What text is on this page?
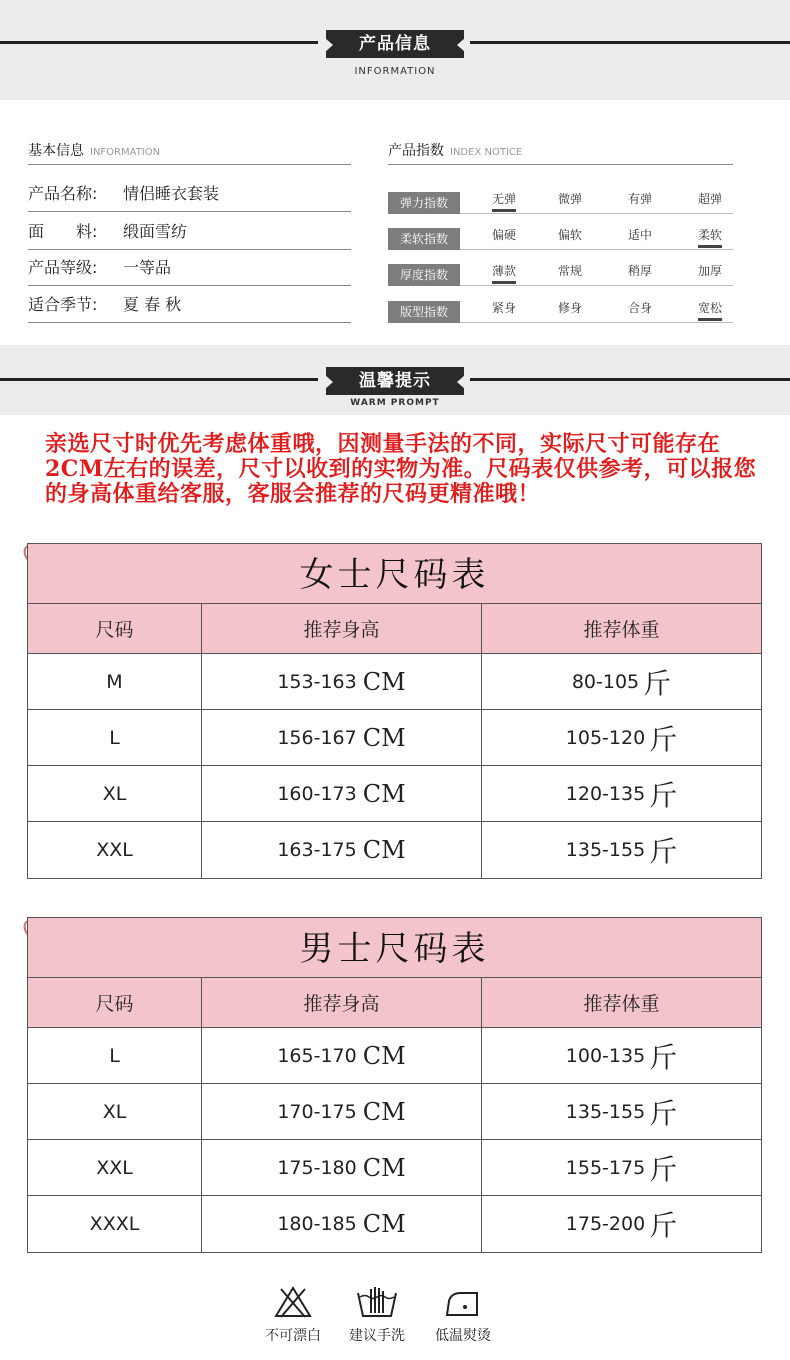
产品信息
INFORMATION
基本信息 INFORMATION
产品名称: 情侣睡衣套装
面　　料: 缎面雪纺
产品等级: 一等品
适合季节: 夏 春 秋
产品指数 INDEX NOTICE
弹力指数	无弹	微弹	有弹	超弹
柔软指数	偏硬	偏软	适中	柔软
厚度指数	薄款	常规	稍厚	加厚
版型指数	紧身	修身	合身	宽松
温馨提示
WARM PROMPT
亲选尺寸时优先考虑体重哦，因测量手法的不同，实际尺寸可能存在2CM左右的误差，尺寸以收到的实物为准。尺码表仅供参考，可以报您的身高体重给客服，客服会推荐的尺码更精准哦！
女士尺码表
尺码	推荐身高	推荐体重
M	153-163 CM	80-105 斤
L	156-167 CM	105-120 斤
XL	160-173 CM	120-135 斤
XXL	163-175 CM	135-155 斤
男士尺码表
尺码	推荐身高	推荐体重
L	165-170 CM	100-135 斤
XL	170-175 CM	135-155 斤
XXL	175-180 CM	155-175 斤
XXXL	180-185 CM	175-200 斤
不可漂白	建议手洗	低温熨烫
